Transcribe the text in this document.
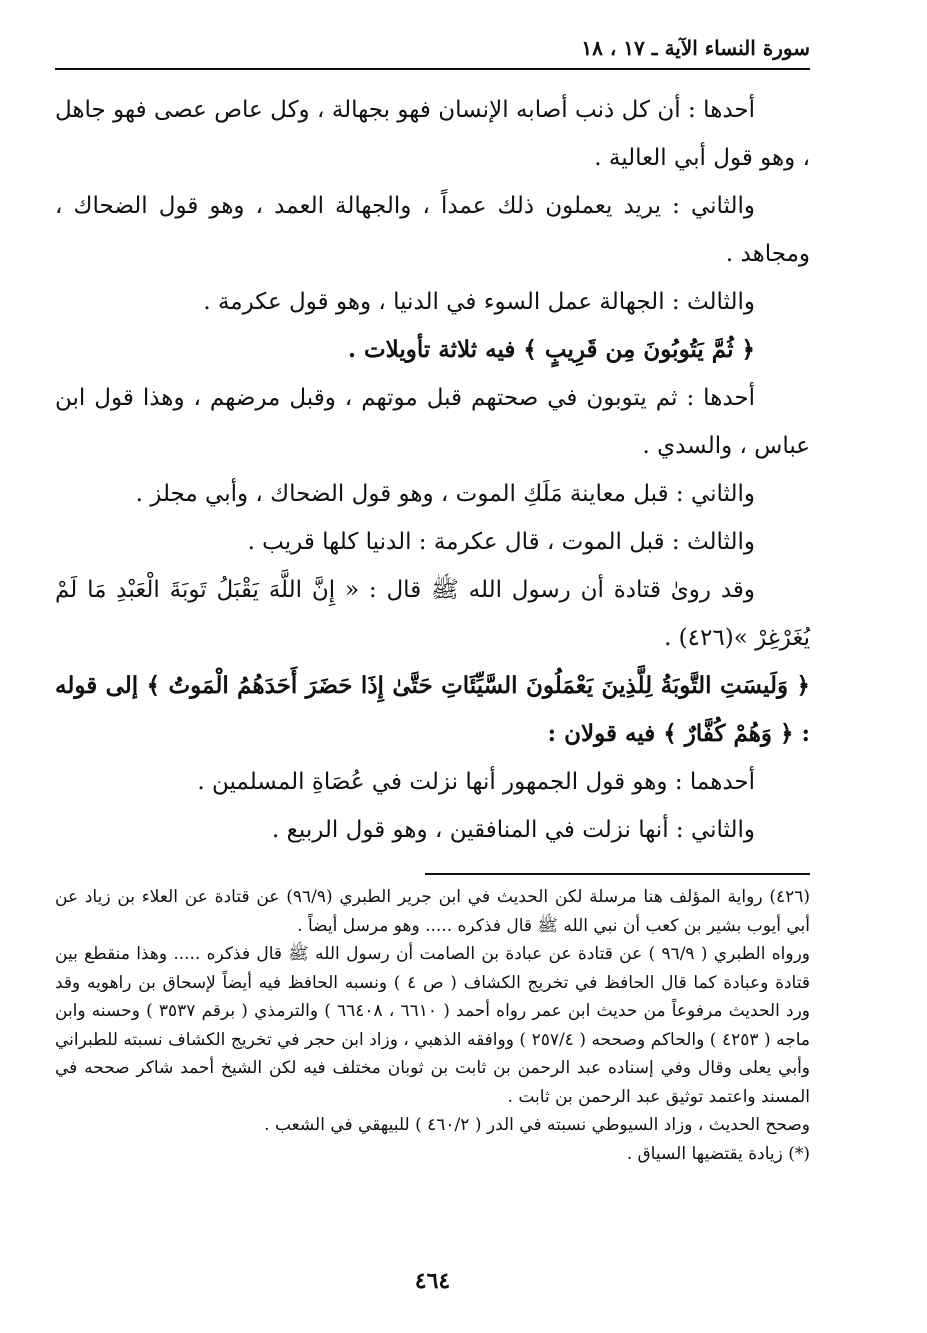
سورة النساء الآية ـ ١٧ ، ١٨
أحدها : أن كل ذنب أصابه الإنسان فهو بجهالة ، وكل عاص عصى فهو جاهل ، وهو قول أبي العالية .
والثاني : يريد يعملون ذلك عمداً ، والجهالة العمد ، وهو قول الضحاك ، ومجاهد .
والثالث : الجهالة عمل السوء في الدنيا ، وهو قول عكرمة .
﴿ ثُمَّ يَتُوبُونَ مِن قَرِيبٍ ﴾ فيه ثلاثة تأويلات .
أحدها : ثم يتوبون في صحتهم قبل موتهم ، وقبل مرضهم ، وهذا قول ابن عباس ، والسدي .
والثاني : قبل معاينة مَلَكِ الموت ، وهو قول الضحاك ، وأبي مجلز .
والثالث : قبل الموت ، قال عكرمة : الدنيا كلها قريب .
وقد روىٰ قتادة أن رسول الله ﷺ قال : « إِنَّ اللَّهَ يَقْبَلُ تَوبَةَ الْعَبْدِ مَا لَمْ يُغَرْغِرْ »(٤٢٦) .
﴿ وَلَيسَتِ التَّوبَةُ لِلَّذِينَ يَعْمَلُونَ السَّيِّئَاتِ حَتَّىٰ إِذَا حَضَرَ أَحَدَهُمُ الْمَوتُ ﴾ إلى قوله : ﴿ وَهُمْ كُفَّارٌ ﴾ فيه قولان :
أحدهما : وهو قول الجمهور أنها نزلت في عُصَاةِ المسلمين .
والثاني : أنها نزلت في المنافقين ، وهو قول الربيع .
(٤٢٦) رواية المؤلف هنا مرسلة لكن الحديث في ابن جرير الطبري (٩٦/٩) عن قتادة عن العلاء بن زياد عن أبي أيوب بشير بن كعب أن نبي الله ﷺ قال فذكره ..... وهو مرسل أيضاً .
ورواه الطبري ( ٩٦/٩ ) عن قتادة عن عبادة بن الصامت أن رسول الله ﷺ قال فذكره ..... وهذا منقطع بين قتادة وعبادة كما قال الحافظ في تخريج الكشاف ( ص ٤ ) ونسبه الحافظ فيه أيضاً لإسحاق بن راهويه وقد ورد الحديث مرفوعاً من حديث ابن عمر رواه أحمد ( ٦٦١٠ ، ٦٦٤٠٨ ) والترمذي ( برقم ٣٥٣٧ ) وحسنه وابن ماجه ( ٤٢٥٣ ) والحاكم وصححه ( ٢٥٧/٤ ) ووافقه الذهبي ، وزاد ابن حجر في تخريج الكشاف نسبته للطبراني وأبي يعلى وقال وفي إسناده عبد الرحمن بن ثابت بن ثوبان مختلف فيه لكن الشيخ أحمد شاكر صححه في المسند واعتمد توثيق عبد الرحمن بن ثابت .
وصحح الحديث ، وزاد السيوطي نسبته في الدر ( ٤٦٠/٢ ) للبيهقي في الشعب .
(*) زيادة يقتضيها السياق .
٤٦٤
